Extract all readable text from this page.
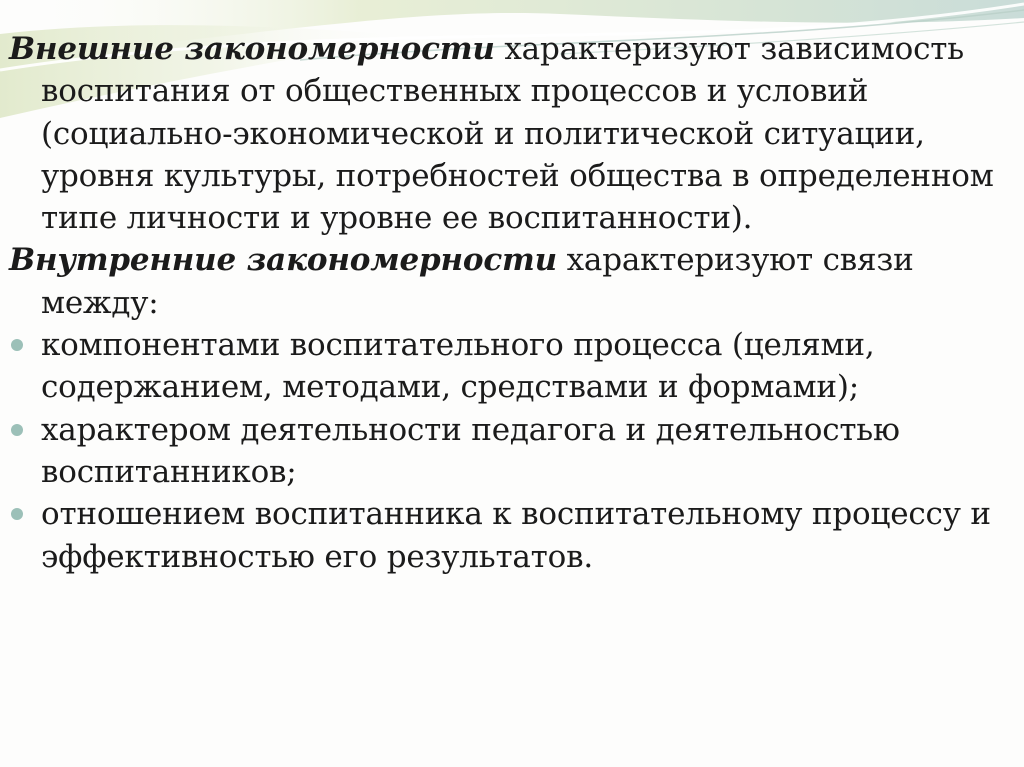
Внешние закономерности характеризуют зависимость воспитания от общественных процессов и условий (социально-экономической и политической ситуации, уровня культуры, потребностей общества в определенном типе личности и уровне ее воспитанности).

Внутренние закономерности характеризуют связи между:

компонентами воспитательного процесса (целями, содержанием, методами, средствами и формами);
характером деятельности педагога и деятельностью воспитанников;
отношением воспитанника к воспитательному процессу и эффективностью его результатов.
